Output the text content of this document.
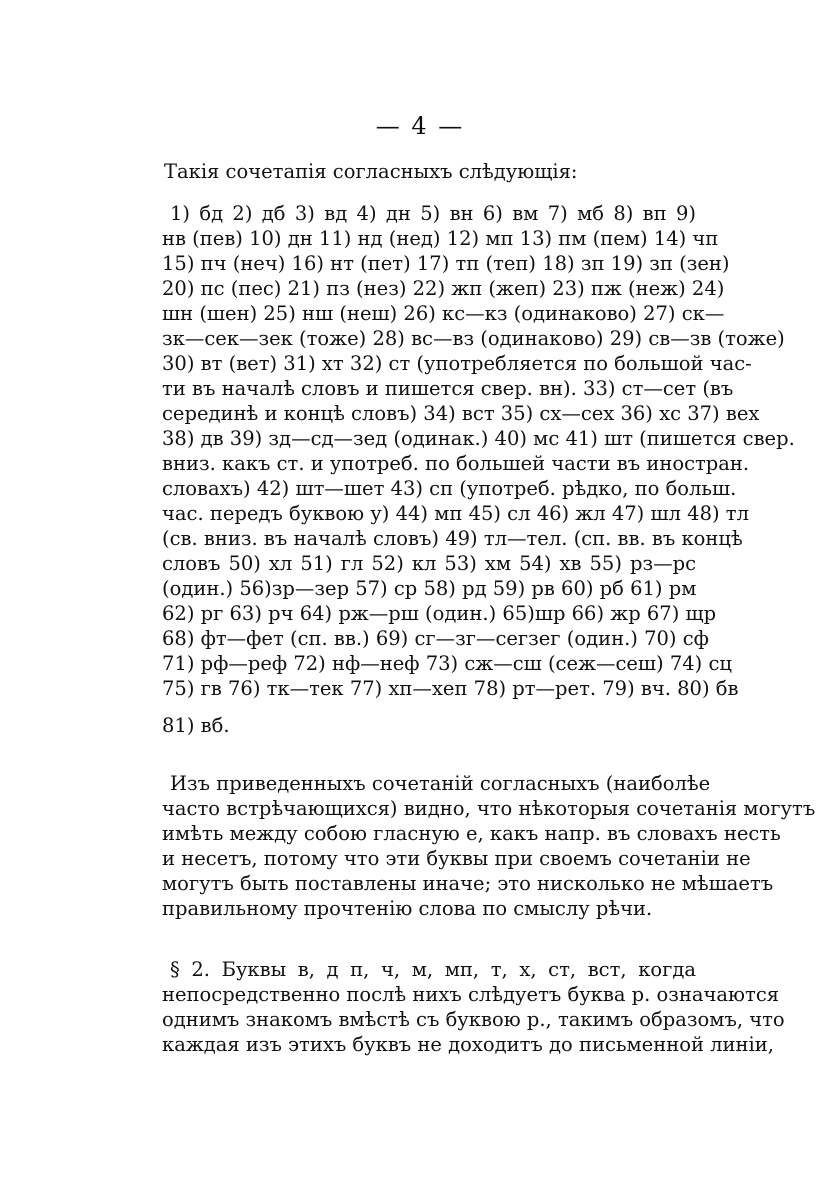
— 4 —
Такія сочетапія согласныхъ слѣдующія:
1) бд 2) дб 3) вд 4) дн 5) вн 6) вм 7) мб 8) вп 9)
нв (пев) 10) дн 11) нд (нед) 12) мп 13) пм (пем) 14) чп
15) пч (неч) 16) нт (пет) 17) тп (теп) 18) зп 19) зп (зен)
20) пс (пес) 21) пз (нез) 22) жп (жеп) 23) пж (неж) 24)
шн (шен) 25) нш (нeш) 26) кс—кз (одинаково) 27) ск—
зк—сек—зек (тоже) 28) вс—вз (одинаково) 29) св—зв (тоже)
30) вт (вет) 31) хт 32) ст (употребляется по большой час-
ти въ началѣ словъ и пишется свер. вн). 33) ст—сет (въ
серединѣ и концѣ словъ) 34) вст 35) сх—сех 36) хс 37) вех
38) дв 39) зд—сд—зед (одинак.) 40) мс 41) шт (пишется свер.
вниз. какъ ст. и употреб. по большей части въ иностран.
словахъ) 42) шт—шет 43) сп (употреб. рѣдко, по больш.
час. передъ буквою у) 44) мп 45) сл 46) жл 47) шл 48) тл
(св. вниз. въ началѣ словъ) 49) тл—тел. (сп. вв. въ концѣ
словъ 50) хл 51) гл 52) кл 53) хм 54) хв 55) рз—рс
(один.) 56)зр—зер 57) ср 58) рд 59) рв 60) рб 61) рм
62) рг 63) рч 64) рж—рш (один.) 65)шр 66) жр 67) щр
68) фт—фет (сп. вв.) 69) сг—зг—сегзег (один.) 70) сф
71) рф—реф 72) нф—неф 73) сж—сш (сеж—сеш) 74) сц
75) гв 76) тк—тек 77) хп—хеп 78) рт—рет. 79) вч. 80) бв
81) вб.
Изъ приведенныхъ сочетаній согласныхъ (наиболѣе
часто встрѣчающихся) видно, что нѣкоторыя сочетанія могутъ
имѣть между собою гласную е, какъ напр. въ словахъ несть
и несетъ, потому что эти буквы при своемъ сочетаніи не
могутъ быть поставлены иначе; это нисколько не мѣшаетъ
правильному прочтенію слова по смыслу рѣчи.
§ 2. Буквы в, д п, ч, м, мп, т, х, ст, вст, когда
непосредственно послѣ нихъ слѣдуетъ буква р. означаются
однимъ знакомъ вмѣстѣ съ буквою р., такимъ образомъ, что
каждая изъ этихъ буквъ не доходитъ до письменной линіи,
